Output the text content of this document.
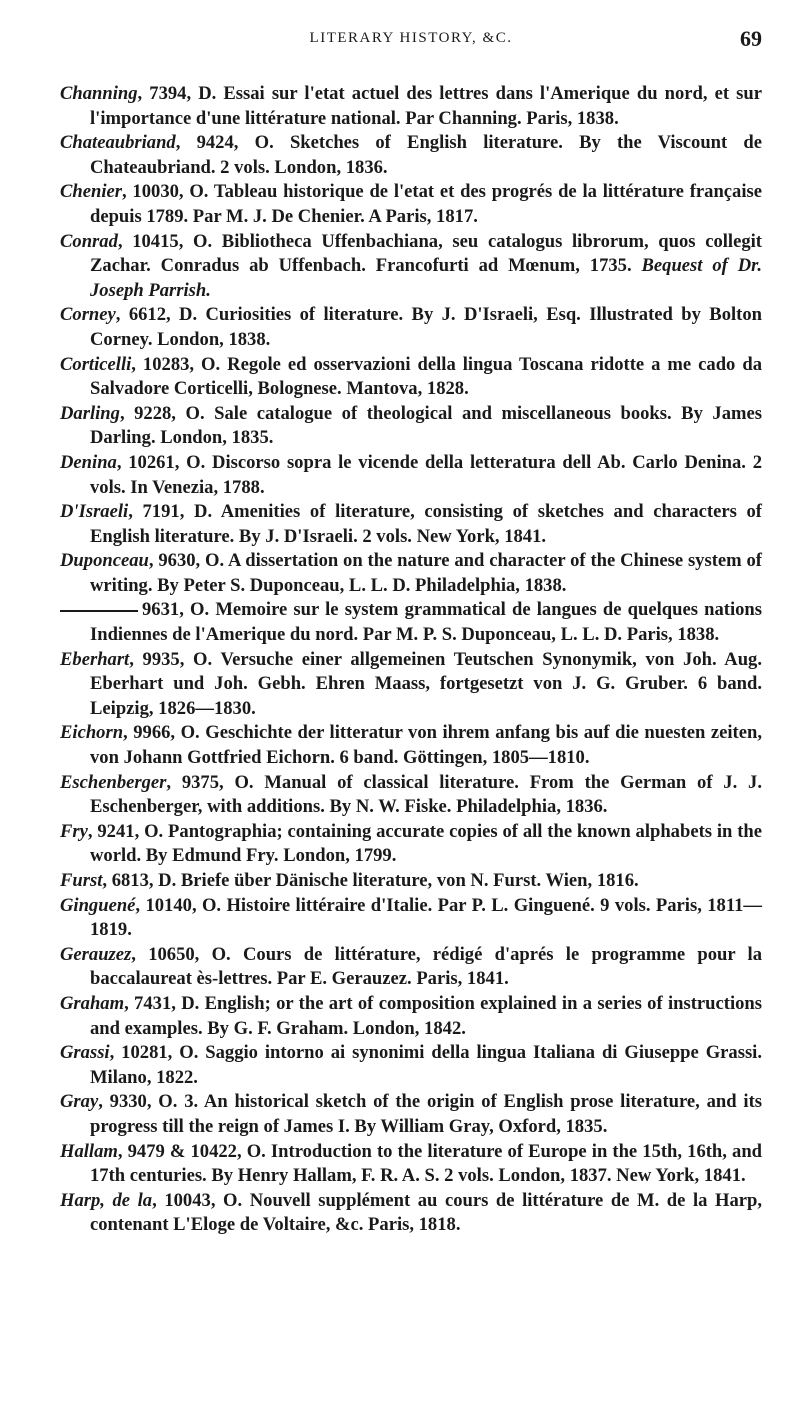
LITERARY HISTORY, &C.	69

Channing, 7394, D. Essai sur l'etat actuel des lettres dans l'Amerique du nord, et sur l'importance d'une littérature national. Par Channing. Paris, 1838.

Chateaubriand, 9424, O. Sketches of English literature. By the Viscount de Chateaubriand. 2 vols. London, 1836.

Chenier, 10030, O. Tableau historique de l'etat et des progrés de la littérature française depuis 1789. Par M. J. De Chenier. A Paris, 1817.

Conrad, 10415, O. Bibliotheca Uffenbachiana, seu catalogus librorum, quos collegit Zachar. Conradus ab Uffenbach. Francofurti ad Mœnum, 1735. Bequest of Dr. Joseph Parrish.

Corney, 6612, D. Curiosities of literature. By J. D'Israeli, Esq. Illustrated by Bolton Corney. London, 1838.

Corticelli, 10283, O. Regole ed osservazioni della lingua Toscana ridotte a me cado da Salvadore Corticelli, Bolognese. Mantova, 1828.

Darling, 9228, O. Sale catalogue of theological and miscellaneous books. By James Darling. London, 1835.

Denina, 10261, O. Discorso sopra le vicende della letteratura dell Ab. Carlo Denina. 2 vols. In Venezia, 1788.

D'Israeli, 7191, D. Amenities of literature, consisting of sketches and characters of English literature. By J. D'Israeli. 2 vols. New York, 1841.

Duponceau, 9630, O. A dissertation on the nature and character of the Chinese system of writing. By Peter S. Duponceau, L. L. D. Philadelphia, 1838.

9631, O. Memoire sur le system grammatical de langues de quelques nations Indiennes de l'Amerique du nord. Par M. P. S. Duponceau, L. L. D. Paris, 1838.

Eberhart, 9935, O. Versuche einer allgemeinen Teutschen Synonymik, von Joh. Aug. Eberhart und Joh. Gebh. Ehren Maass, fortgesetzt von J. G. Gruber. 6 band. Leipzig, 1826—1830.

Eichorn, 9966, O. Geschichte der litteratur von ihrem anfang bis auf die nuesten zeiten, von Johann Gottfried Eichorn. 6 band. Göttingen, 1805—1810.

Eschenberger, 9375, O. Manual of classical literature. From the German of J. J. Eschenberger, with additions. By N. W. Fiske. Philadelphia, 1836.

Fry, 9241, O. Pantographia; containing accurate copies of all the known alphabets in the world. By Edmund Fry. London, 1799.

Furst, 6813, D. Briefe über Dänische literature, von N. Furst. Wien, 1816.

Ginguené, 10140, O. Histoire littéraire d'Italie. Par P. L. Ginguené. 9 vols. Paris, 1811—1819.

Gerauzez, 10650, O. Cours de littérature, rédigé d'aprés le programme pour la baccalaureat ès-lettres. Par E. Gerauzez. Paris, 1841.

Graham, 7431, D. English; or the art of composition explained in a series of instructions and examples. By G. F. Graham. London, 1842.

Grassi, 10281, O. Saggio intorno ai synonimi della lingua Italiana di Giuseppe Grassi. Milano, 1822.

Gray, 9330, O. 3. An historical sketch of the origin of English prose literature, and its progress till the reign of James I. By William Gray, Oxford, 1835.

Hallam, 9479 & 10422, O. Introduction to the literature of Europe in the 15th, 16th, and 17th centuries. By Henry Hallam, F. R. A. S. 2 vols. London, 1837. New York, 1841.

Harp, de la, 10043, O. Nouvell supplément au cours de littérature de M. de la Harp, contenant L'Eloge de Voltaire, &c. Paris, 1818.
